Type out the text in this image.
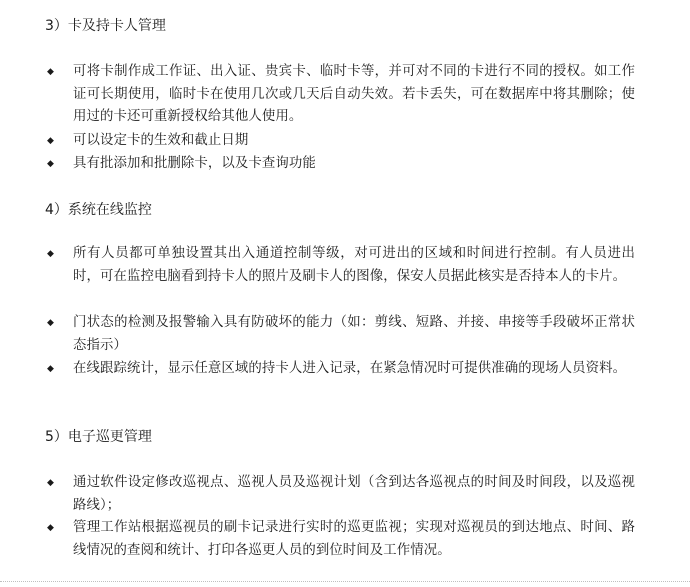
3）卡及持卡人管理
◆ 可将卡制作成工作证、出入证、贵宾卡、临时卡等，并可对不同的卡进行不同的授权。如工作证可长期使用，临时卡在使用几次或几天后自动失效。若卡丢失，可在数据库中将其删除；使用过的卡还可重新授权给其他人使用。
◆ 可以设定卡的生效和截止日期
◆ 具有批添加和批删除卡，以及卡查询功能
4）系统在线监控
◆ 所有人员都可单独设置其出入通道控制等级，对可进出的区域和时间进行控制。有人员进出时，可在监控电脑看到持卡人的照片及刷卡人的图像，保安人员据此核实是否持本人的卡片。
◆ 门状态的检测及报警输入具有防破坏的能力（如：剪线、短路、并接、串接等手段破坏正常状态指示）
◆ 在线跟踪统计，显示任意区域的持卡人进入记录，在紧急情况时可提供准确的现场人员资料。
5）电子巡更管理
◆ 通过软件设定修改巡视点、巡视人员及巡视计划（含到达各巡视点的时间及时间段，以及巡视路线）；
◆ 管理工作站根据巡视员的刷卡记录进行实时的巡更监视；实现对巡视员的到达地点、时间、路线情况的查阅和统计、打印各巡更人员的到位时间及工作情况。
